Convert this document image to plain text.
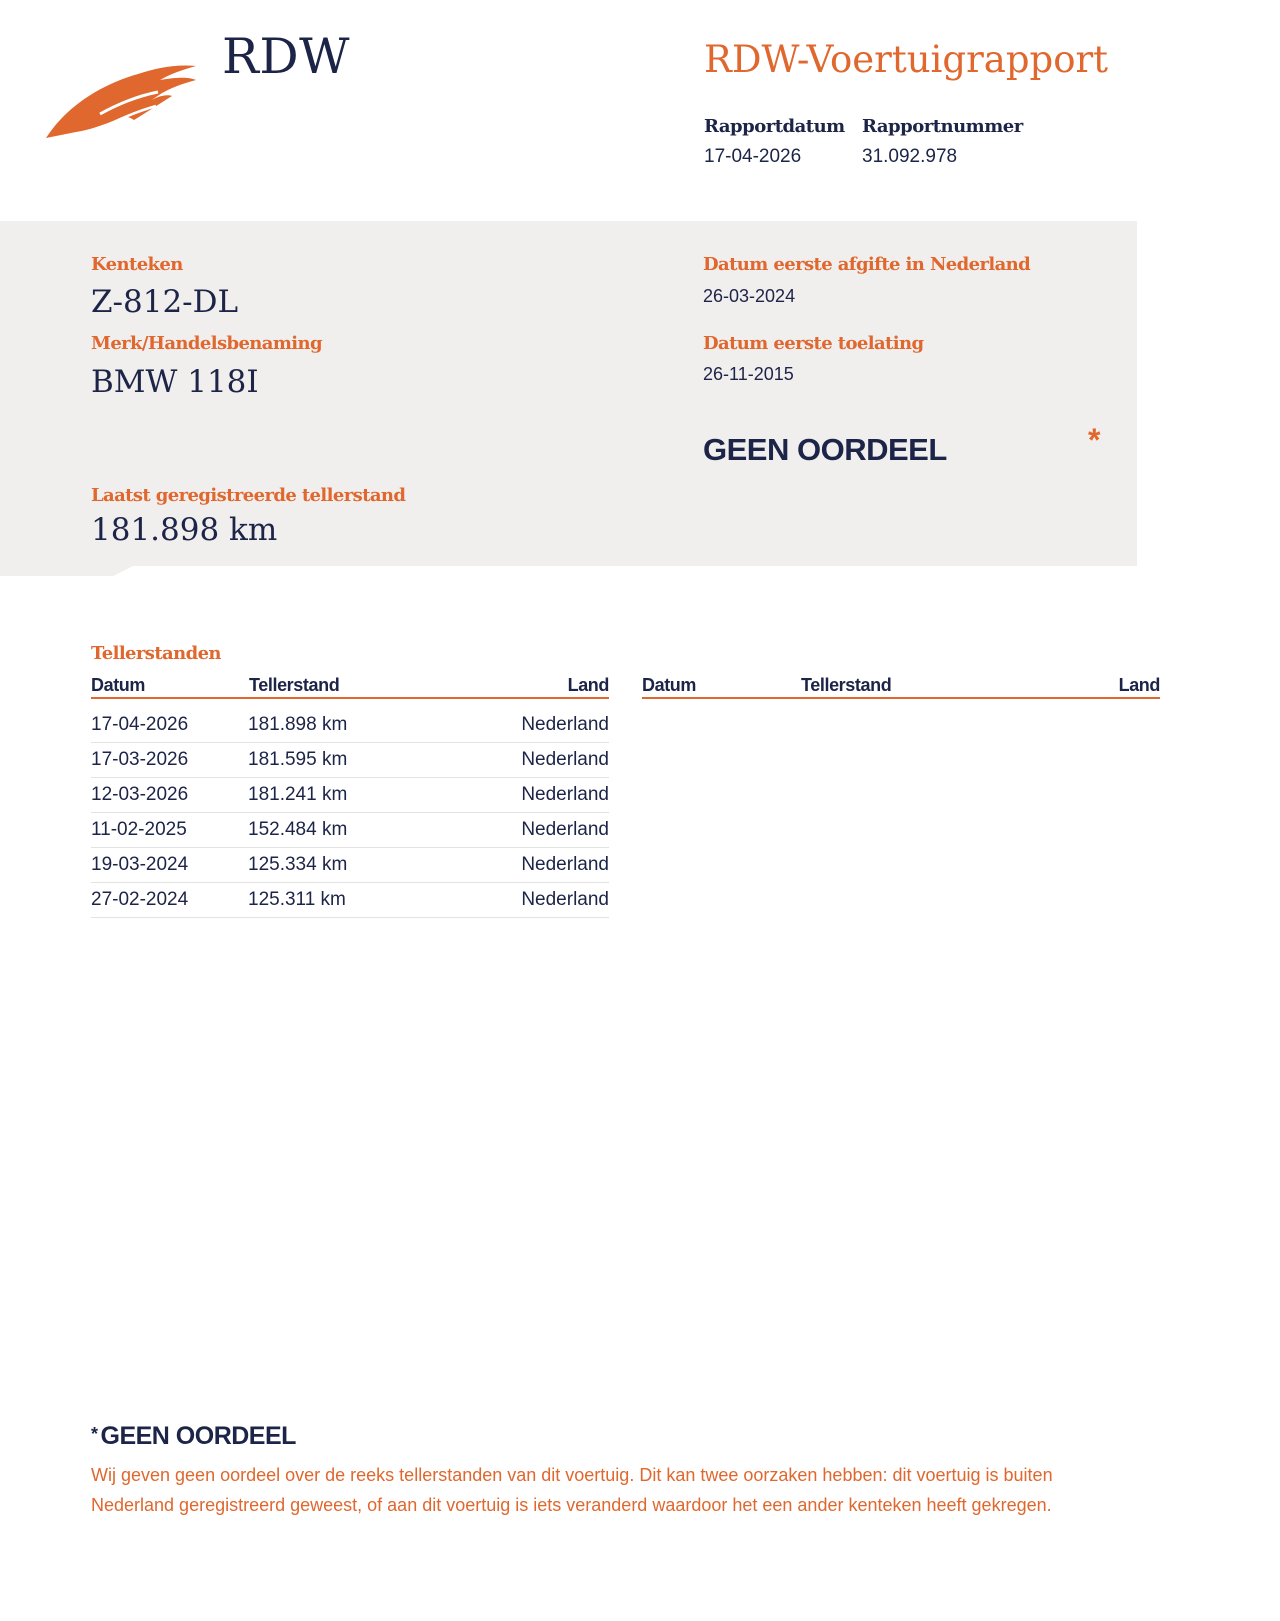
RDW	RDW-Voertuigrapport
Rapportdatum
17-04-2026
Rapportnummer
31.092.978
Kenteken
Z-812-DL
Merk/Handelsbenaming
BMW 118I
Datum eerste afgifte in Nederland
26-03-2024
Datum eerste toelating
26-11-2015
GEEN OORDEEL	*
Laatst geregistreerde tellerstand
181.898 km
Tellerstanden
Datum	Tellerstand	Land Datum	Tellerstand	Land
17-04-2026	181.898 km	Nederland
17-03-2026	181.595 km	Nederland
12-03-2026	181.241 km	Nederland
11-02-2025	152.484 km	Nederland
19-03-2024	125.334 km	Nederland
27-02-2024	125.311 km	Nederland
* GEEN OORDEEL
Wij geven geen oordeel over de reeks tellerstanden van dit voertuig. Dit kan twee oorzaken hebben: dit voertuig is buiten Nederland geregistreerd geweest, of aan dit voertuig is iets veranderd waardoor het een ander kenteken heeft gekregen.
